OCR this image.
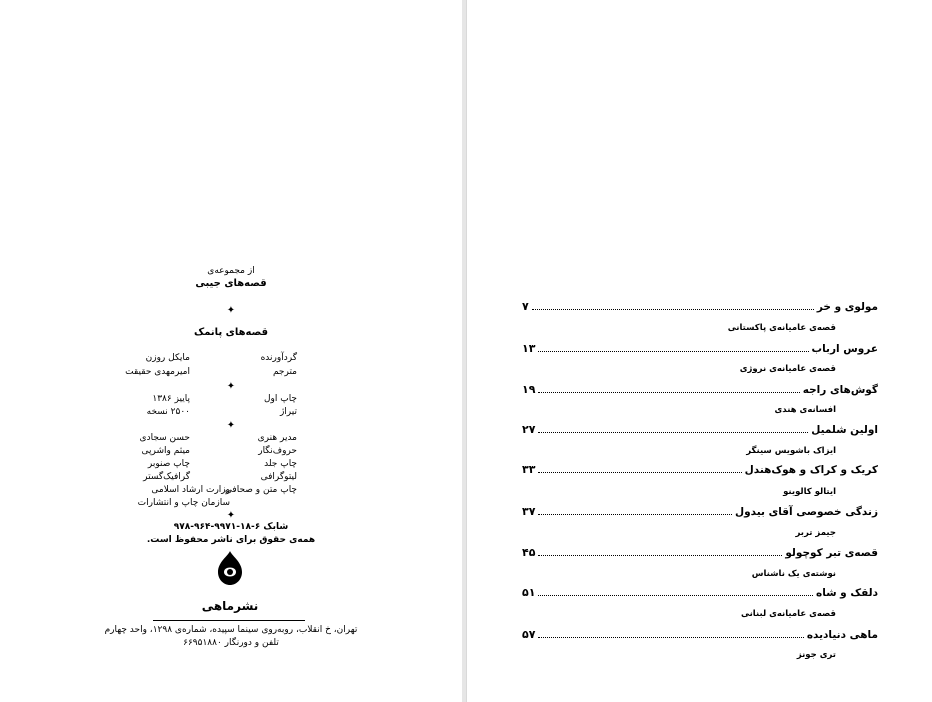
از مجموعه‌ی
قصه‌های جیبی
✦
قصه‌های پانمک
گردآورنده
مایکل روزن
مترجم
امیرمهدی حقیقت
✦
چاپ اول
پاییز ۱۳۸۶
تیراژ
۲۵۰۰ نسخه
✦
مدیر هنری
حسن سجادی
حروف‌نگار
میثم واشرپی
چاپ جلد
چاپ صنوبر
لیتوگرافی
گرافیک‌گستر
چاپ متن و صحافی
وزارت ارشاد اسلامی
سازمان چاپ و انتشارات
✦
شابک ۶-۱۸-۹۹۷۱-۹۶۴-۹۷۸
همه‌ی حقوق برای ناشر محفوظ است.
نشرماهی
تهران، خ انقلاب، روبه‌روی سینما سپیده، شماره‌ی ۱۲۹۸، واحد چهارم
تلفن و دورنگار ۶۶۹۵۱۸۸۰
مولوی و خر
۷
قصه‌ی عامیانه‌ی پاکستانی
عروس ارباب
۱۳
قصه‌ی عامیانه‌ی نروژی
گوش‌های راجه
۱۹
افسانه‌ی هندی
اولین شلمیل
۲۷
ایزاک باشویس سینگر
کریک و کراک و هوک‌هندل
۳۳
ایتالو کالوینو
زندگی خصوصی آقای بیدول
۳۷
جیمز تربر
قصه‌ی تبر کوچولو
۴۵
نوشته‌ی یک ناشناس
دلقک و شاه
۵۱
قصه‌ی عامیانه‌ی لبنانی
ماهی دنیادیده
۵۷
تری جونز
